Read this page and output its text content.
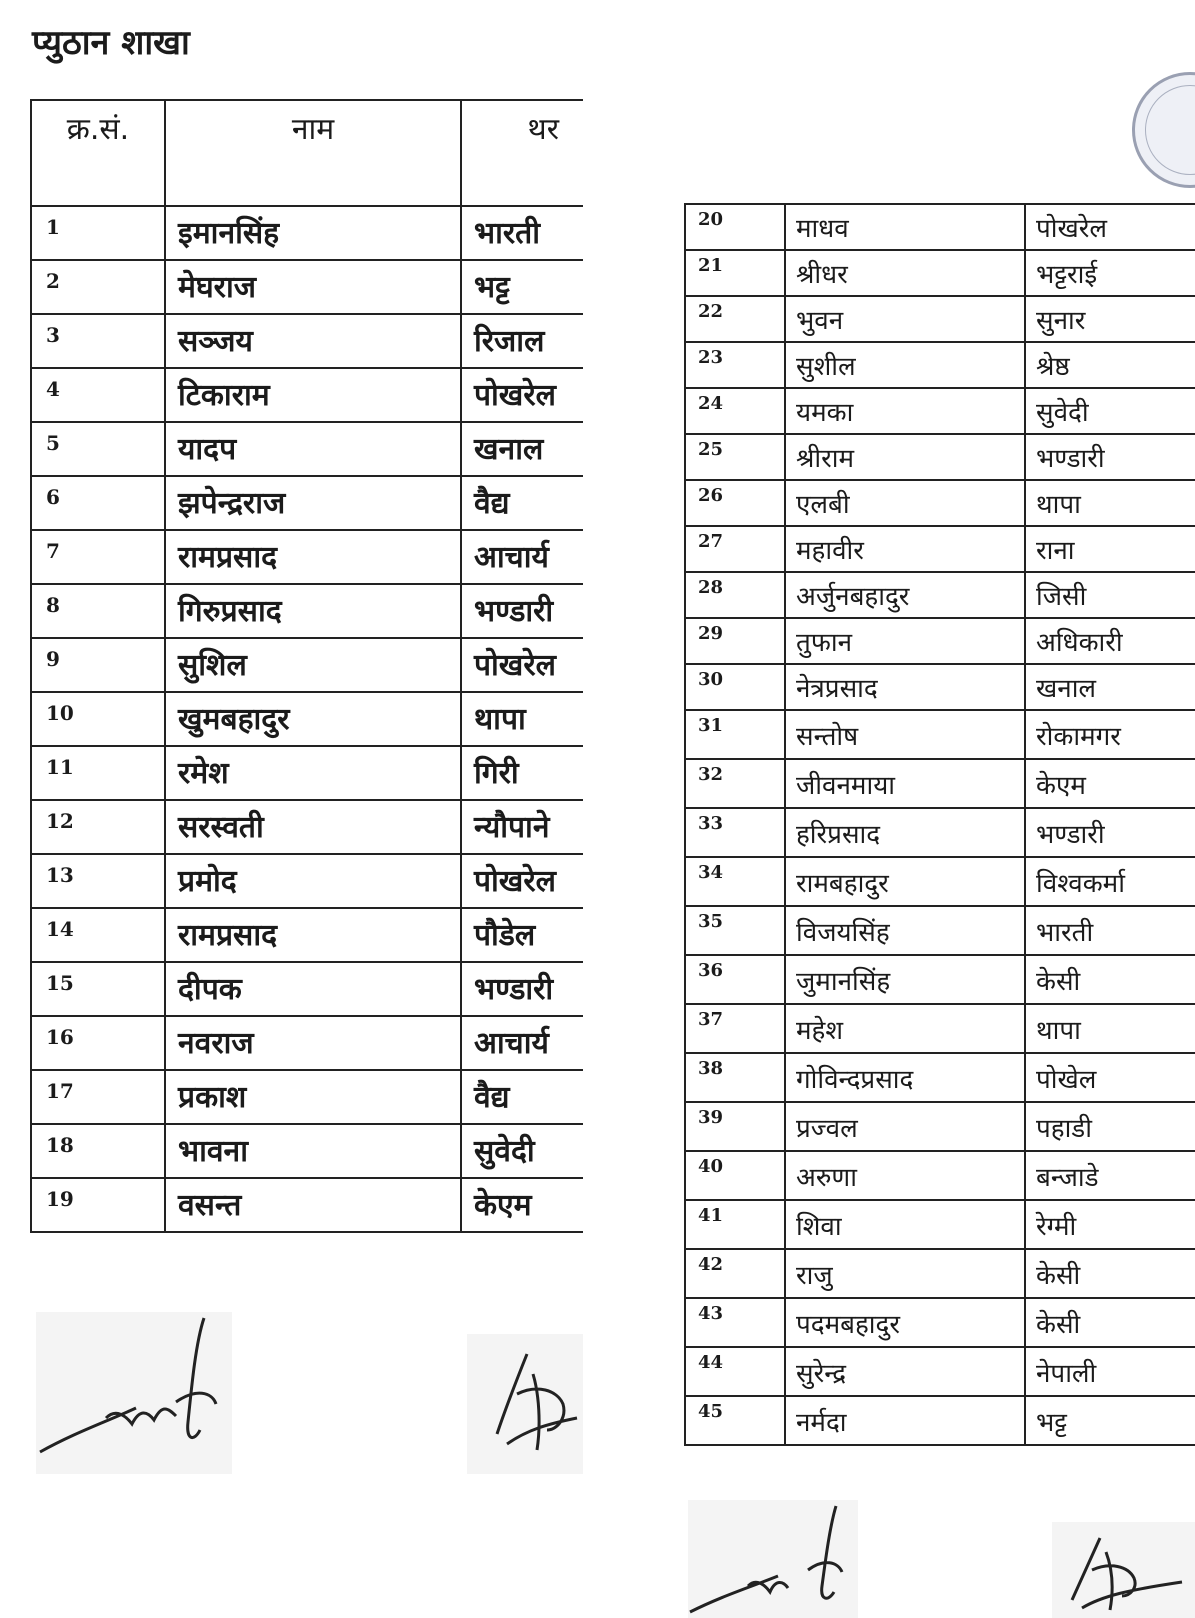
प्युठान शाखा
क्र.सं.	नाम	थर
1	इमानसिंह	भारती
2	मेघराज	भट्ट
3	सञ्जय	रिजाल
4	टिकाराम	पोखरेल
5	यादप	खनाल
6	झपेन्द्रराज	वैद्य
7	रामप्रसाद	आचार्य
8	गिरुप्रसाद	भण्डारी
9	सुशिल	पोखरेल
10	खुमबहादुर	थापा
11	रमेश	गिरी
12	सरस्वती	न्यौपाने
13	प्रमोद	पोखरेल
14	रामप्रसाद	पौडेल
15	दीपक	भण्डारी
16	नवराज	आचार्य
17	प्रकाश	वैद्य
18	भावना	सुवेदी
19	वसन्त	केएम
20	माधव	पोखरेल
21	श्रीधर	भट्टराई
22	भुवन	सुनार
23	सुशील	श्रेष्ठ
24	यमका	सुवेदी
25	श्रीराम	भण्डारी
26	एलबी	थापा
27	महावीर	राना
28	अर्जुनबहादुर	जिसी
29	तुफान	अधिकारी
30	नेत्रप्रसाद	खनाल
31	सन्तोष	रोकामगर
32	जीवनमाया	केएम
33	हरिप्रसाद	भण्डारी
34	रामबहादुर	विश्वकर्मा
35	विजयसिंह	भारती
36	जुमानसिंह	केसी
37	महेश	थापा
38	गोविन्दप्रसाद	पोखेल
39	प्रज्वल	पहाडी
40	अरुणा	बन्जाडे
41	शिवा	रेग्मी
42	राजु	केसी
43	पदमबहादुर	केसी
44	सुरेन्द्र	नेपाली
45	नर्मदा	भट्ट
